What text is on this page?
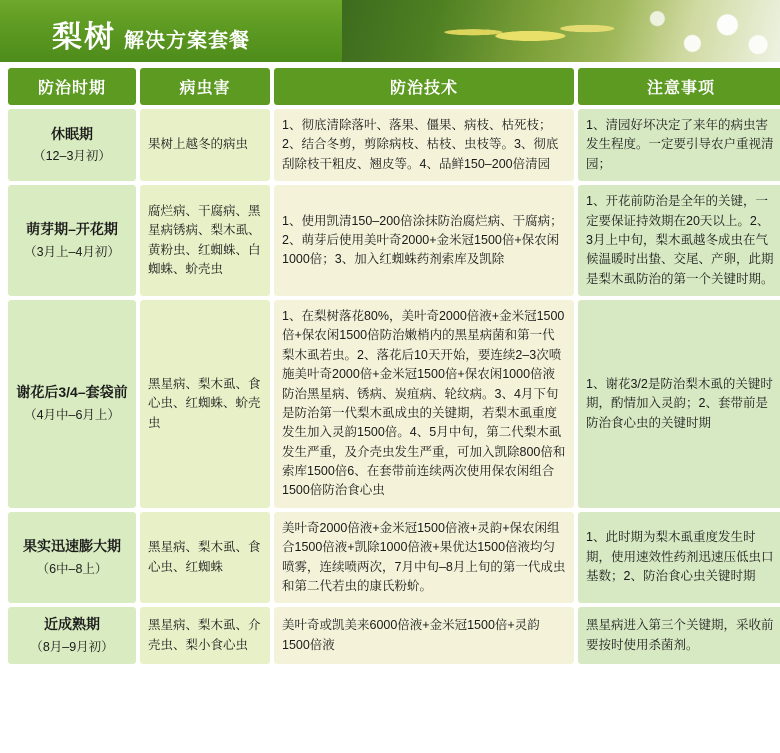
梨树 解决方案套餐
防治时期	病虫害	防治技术	注意事项

休眠期
（12–3月初）	果树上越冬的病虫	1、彻底清除落叶、落果、僵果、病枝、枯死枝；2、结合冬剪，剪除病枝、枯枝、虫枝等。3、彻底刮除枝干粗皮、翘皮等。4、品鲜150–200倍清园	1、清园好坏决定了来年的病虫害发生程度。一定要引导农户重视清园；

萌芽期–开花期
（3月上–4月初）	腐烂病、干腐病、黑星病锈病、梨木虱、黄粉虫、红蜘蛛、白蜘蛛、蚧壳虫	1、使用凯清150–200倍涂抹防治腐烂病、干腐病；2、萌芽后使用美叶奇2000+金米冠1500倍+保农闲1000倍；3、加入红蜘蛛药剂索库及凯除	1、开花前防治是全年的关键，一定要保证持效期在20天以上。2、3月上中旬，梨木虱越冬成虫在气候温暖时出蛰、交尾、产卵，此期是梨木虱防治的第一个关键时期。

谢花后3/4–套袋前
（4月中–6月上）	黑星病、梨木虱、食心虫、红蜘蛛、蚧壳虫	1、在梨树落花80%，美叶奇2000倍液+金米冠1500倍+保农闲1500倍防治嫩梢内的黑星病菌和第一代梨木虱若虫。2、落花后10天开始，要连续2–3次喷施美叶奇2000倍+金米冠1500倍+保农闲1000倍液防治黑星病、锈病、炭疽病、轮纹病。3、4月下旬是防治第一代梨木虱成虫的关键期，若梨木虱重度发生加入灵韵1500倍。4、5月中旬，第二代梨木虱发生严重，及介壳虫发生严重，可加入凯除800倍和索库1500倍6、在套带前连续两次使用保农闲组合1500倍防治食心虫	1、谢花3/2是防治梨木虱的关键时期，酌情加入灵韵；2、套带前是防治食心虫的关键时期

果实迅速膨大期
（6中–8上）	黑星病、梨木虱、食心虫、红蜘蛛	美叶奇2000倍液+金米冠1500倍液+灵韵+保农闲组合1500倍液+凯除1000倍液+果优达1500倍液均匀喷雾，连续喷两次，7月中旬–8月上旬的第一代成虫和第二代若虫的康氏粉蚧。	1、此时期为梨木虱重度发生时期，使用速效性药剂迅速压低虫口基数；2、防治食心虫关键时期

近成熟期
（8月–9月初）	黑星病、梨木虱、介壳虫、梨小食心虫	美叶奇或凯美来6000倍液+金米冠1500倍+灵韵1500倍液	黑星病进入第三个关键期，采收前要按时使用杀菌剂。
